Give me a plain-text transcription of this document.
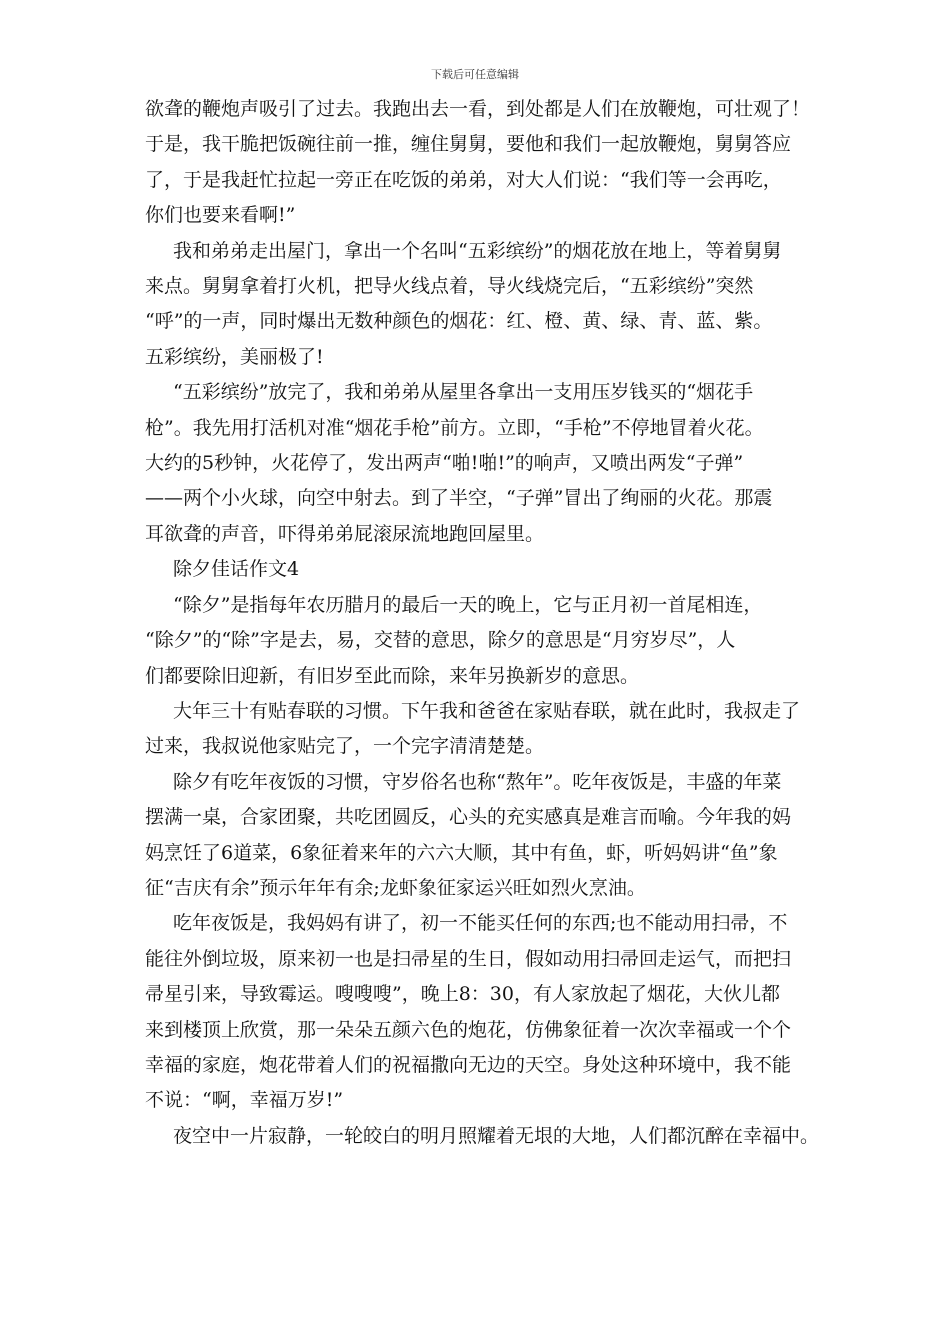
下载后可任意编辑

欲聋的鞭炮声吸引了过去。我跑出去一看，到处都是人们在放鞭炮，可壮观了！
于是，我干脆把饭碗往前一推，缠住舅舅，要他和我们一起放鞭炮，舅舅答应
了，于是我赶忙拉起一旁正在吃饭的弟弟，对大人们说：“我们等一会再吃，
你们也要来看啊!”

我和弟弟走出屋门，拿出一个名叫“五彩缤纷”的烟花放在地上，等着舅舅
来点。舅舅拿着打火机，把导火线点着，导火线烧完后，“五彩缤纷”突然
“呼”的一声，同时爆出无数种颜色的烟花：红、橙、黄、绿、青、蓝、紫。
五彩缤纷，美丽极了!

“五彩缤纷”放完了，我和弟弟从屋里各拿出一支用压岁钱买的“烟花手
枪”。我先用打活机对准“烟花手枪”前方。立即，“手枪”不停地冒着火花。
大约的5秒钟，火花停了，发出两声“啪!啪!”的响声，又喷出两发“子弹”
——两个小火球，向空中射去。到了半空，“子弹”冒出了绚丽的火花。那震
耳欲聋的声音，吓得弟弟屁滚尿流地跑回屋里。

除夕佳话作文4

“除夕”是指每年农历腊月的最后一天的晚上，它与正月初一首尾相连，
“除夕”的“除”字是去，易，交替的意思，除夕的意思是“月穷岁尽”，人
们都要除旧迎新，有旧岁至此而除，来年另换新岁的意思。

大年三十有贴春联的习惯。下午我和爸爸在家贴春联，就在此时，我叔走了
过来，我叔说他家贴完了，一个完字清清楚楚。

除夕有吃年夜饭的习惯，守岁俗名也称“熬年”。吃年夜饭是，丰盛的年菜
摆满一桌，合家团聚，共吃团圆反，心头的充实感真是难言而喻。今年我的妈
妈烹饪了6道菜，6象征着来年的六六大顺，其中有鱼，虾，听妈妈讲“鱼”象
征“吉庆有余”预示年年有余;龙虾象征家运兴旺如烈火烹油。

吃年夜饭是，我妈妈有讲了，初一不能买任何的东西;也不能动用扫帚，不
能往外倒垃圾，原来初一也是扫帚星的生日，假如动用扫帚回走运气，而把扫
帚星引来，导致霉运。嗖嗖嗖”，晚上8：30，有人家放起了烟花，大伙儿都
来到楼顶上欣赏，那一朵朵五颜六色的炮花，仿佛象征着一次次幸福或一个个
幸福的家庭，炮花带着人们的祝福撒向无边的天空。身处这种环境中，我不能
不说：“啊，幸福万岁!”

夜空中一片寂静，一轮皎白的明月照耀着无垠的大地，人们都沉醉在幸福中。
